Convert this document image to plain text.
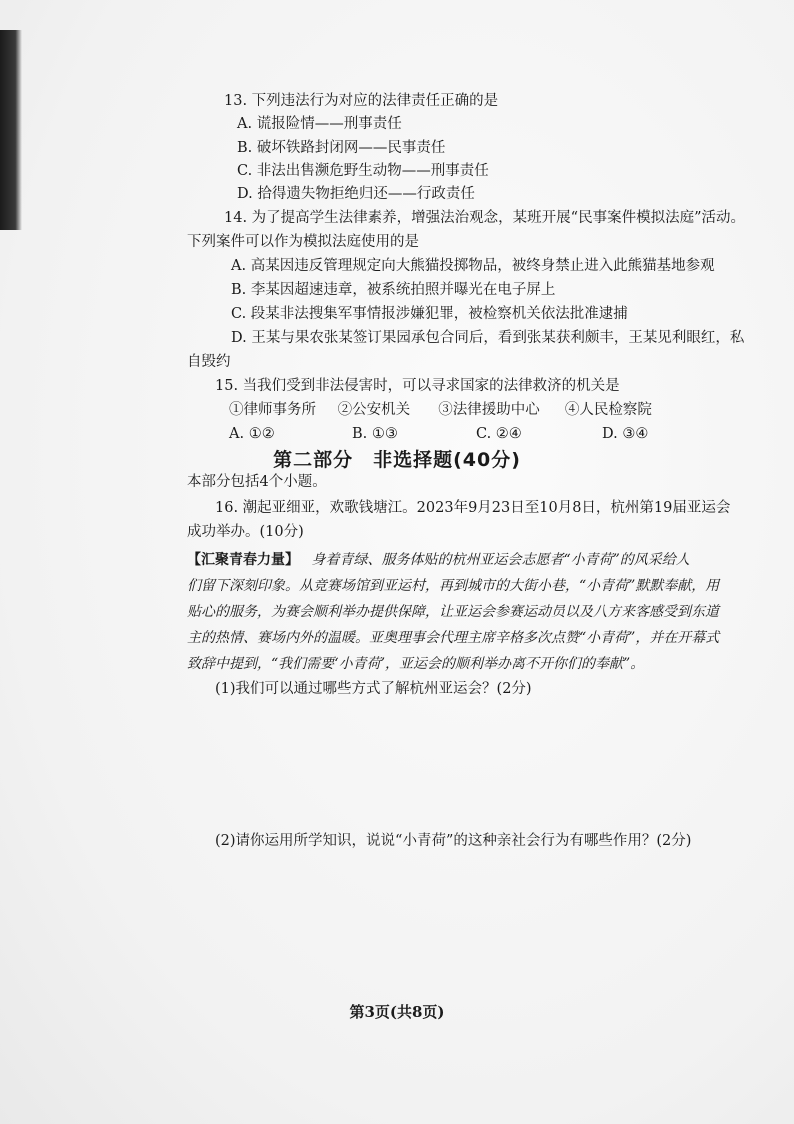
13. 下列违法行为对应的法律责任正确的是
A. 谎报险情——刑事责任
B. 破坏铁路封闭网——民事责任
C. 非法出售濒危野生动物——刑事责任
D. 拾得遗失物拒绝归还——行政责任
14. 为了提高学生法律素养，增强法治观念，某班开展“民事案件模拟法庭”活动。
下列案件可以作为模拟法庭使用的是
A. 高某因违反管理规定向大熊猫投掷物品，被终身禁止进入此熊猫基地参观
B. 李某因超速违章，被系统拍照并曝光在电子屏上
C. 段某非法搜集军事情报涉嫌犯罪，被检察机关依法批准逮捕
D. 王某与果农张某签订果园承包合同后，看到张某获利颇丰，王某见利眼红，私
自毁约
15. 当我们受到非法侵害时，可以寻求国家的法律救济的机关是
①律师事务所 ②公安机关 ③法律援助中心 ④人民检察院
A. ①②	B. ①③	C. ②④	D. ③④
第二部分　非选择题(40分)
本部分包括4个小题。
16. 潮起亚细亚，欢歌钱塘江。2023年9月23日至10月8日，杭州第19届亚运会
成功举办。(10分)
【汇聚青春力量】 身着青绿、服务体贴的杭州亚运会志愿者“小青荷”的风采给人
们留下深刻印象。从竞赛场馆到亚运村，再到城市的大街小巷，“小青荷”默默奉献，用
贴心的服务，为赛会顺利举办提供保障，让亚运会参赛运动员以及八方来客感受到东道
主的热情、赛场内外的温暖。亚奥理事会代理主席辛格多次点赞“小青荷”，并在开幕式
致辞中提到，“我们需要‘小青荷’，亚运会的顺利举办离不开你们的奉献”。
(1)我们可以通过哪些方式了解杭州亚运会？(2分)
(2)请你运用所学知识，说说“小青荷”的这种亲社会行为有哪些作用？(2分)
第3页(共8页)
